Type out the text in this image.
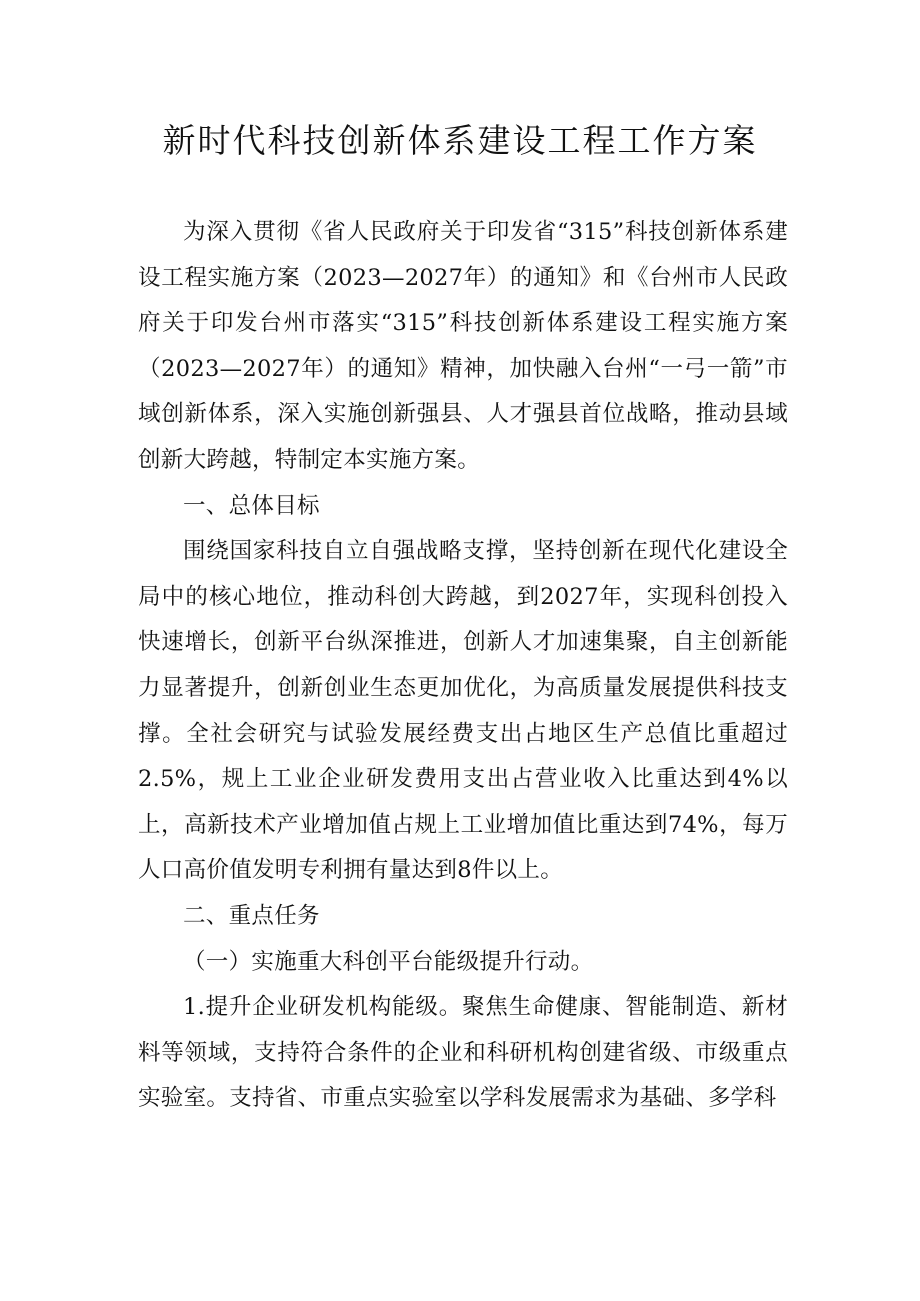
新时代科技创新体系建设工程工作方案

为深入贯彻《省人民政府关于印发省“315”科技创新体系建设工程实施方案（2023—2027年）的通知》和《台州市人民政府关于印发台州市落实“315”科技创新体系建设工程实施方案（2023—2027年）的通知》精神，加快融入台州“一弓一箭”市域创新体系，深入实施创新强县、人才强县首位战略，推动县域创新大跨越，特制定本实施方案。

一、总体目标

围绕国家科技自立自强战略支撑，坚持创新在现代化建设全局中的核心地位，推动科创大跨越，到2027年，实现科创投入快速增长，创新平台纵深推进，创新人才加速集聚，自主创新能力显著提升，创新创业生态更加优化，为高质量发展提供科技支撑。全社会研究与试验发展经费支出占地区生产总值比重超过2.5%，规上工业企业研发费用支出占营业收入比重达到4%以上，高新技术产业增加值占规上工业增加值比重达到74%，每万人口高价值发明专利拥有量达到8件以上。

二、重点任务

（一）实施重大科创平台能级提升行动。

1.提升企业研发机构能级。聚焦生命健康、智能制造、新材料等领域，支持符合条件的企业和科研机构创建省级、市级重点实验室。支持省、市重点实验室以学科发展需求为基础、多学科
